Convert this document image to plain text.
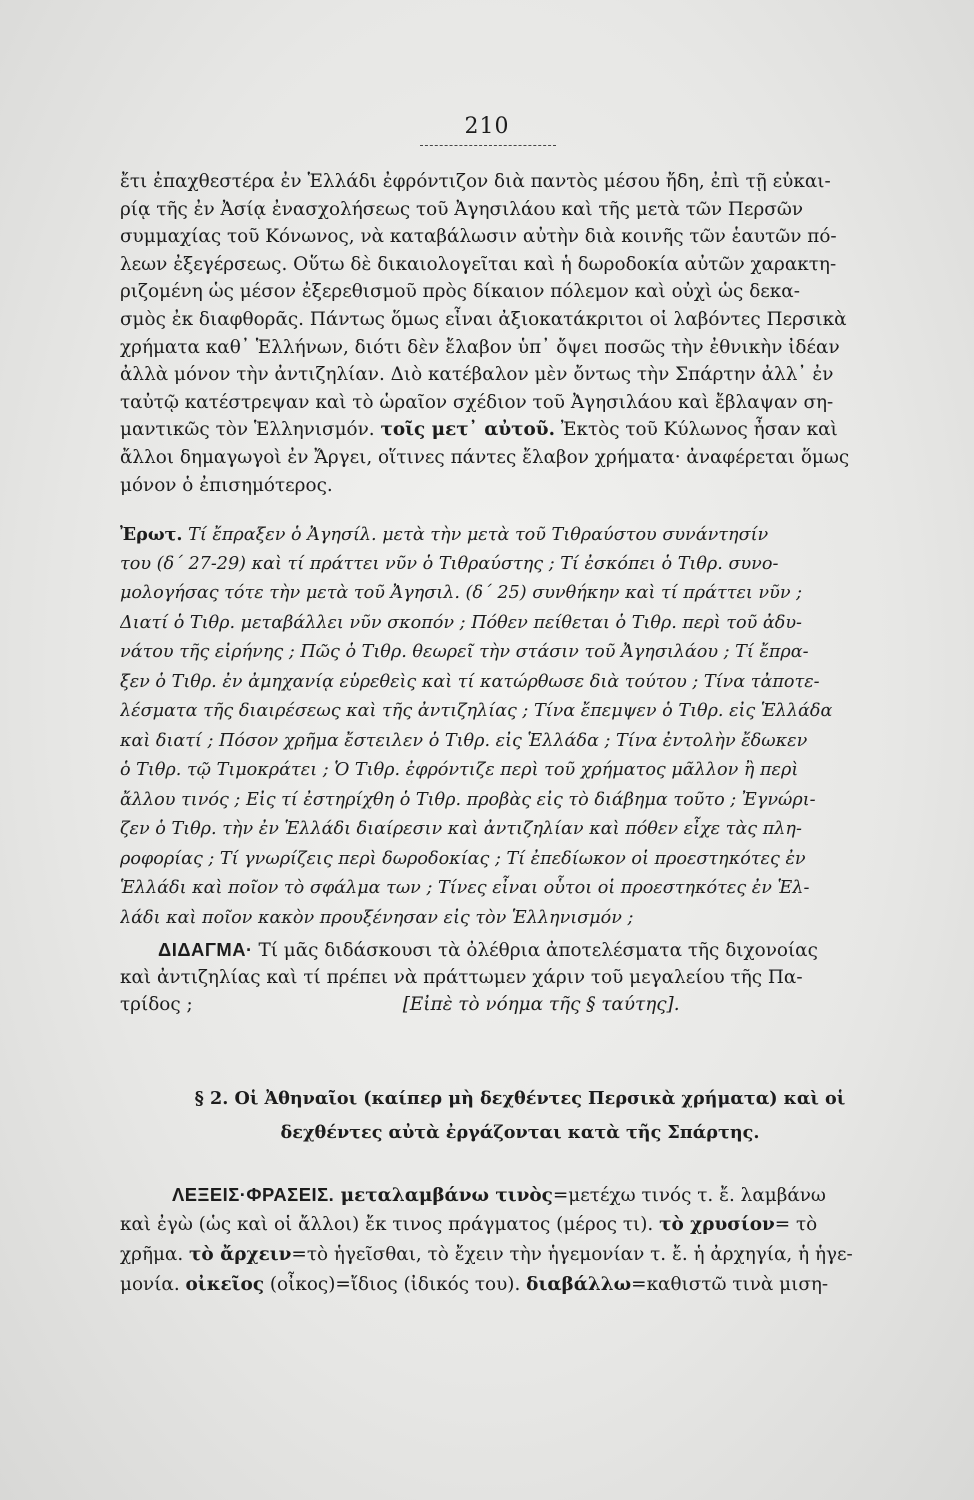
210
ἔτι ἐπαχθεστέρα ἐν Ἑλλάδι ἐφρόντιζον διὰ παντὸς μέσου ἤδη, ἐπὶ τῇ εὐκαι-
ρίᾳ τῆς ἐν Ἀσίᾳ ἐνασχολήσεως τοῦ Ἀγησιλάου καὶ τῆς μετὰ τῶν Περσῶν
συμμαχίας τοῦ Κόνωνος, νὰ καταβάλωσιν αὐτὴν διὰ κοινῆς τῶν ἑαυτῶν πό-
λεων ἐξεγέρσεως. Οὕτω δὲ δικαιολογεῖται καὶ ἡ δωροδοκία αὐτῶν χαρακτη-
ριζομένη ὡς μέσον ἐξερεθισμοῦ πρὸς δίκαιον πόλεμον καὶ οὐχὶ ὡς δεκα-
σμὸς ἐκ διαφθορᾶς. Πάντως ὅμως εἶναι ἀξιοκατάκριτοι οἱ λαβόντες Περσικὰ
χρήματα καθ᾽ Ἑλλήνων, διότι δὲν ἔλαβον ὑπ᾽ ὄψει ποσῶς τὴν ἐθνικὴν ἰδέαν
ἀλλὰ μόνον τὴν ἀντιζηλίαν. Διὸ κατέβαλον μὲν ὄντως τὴν Σπάρτην ἀλλ᾽ ἐν
ταὐτῷ κατέστρεψαν καὶ τὸ ὡραῖον σχέδιον τοῦ Ἀγησιλάου καὶ ἔβλαψαν ση-
μαντικῶς τὸν Ἑλληνισμόν. τοῖς μετ᾽ αὐτοῦ. Ἐκτὸς τοῦ Κύλωνος ἦσαν καὶ
ἄλλοι δημαγωγοὶ ἐν Ἄργει, οἵτινες πάντες ἔλαβον χρήματα· ἀναφέρεται ὅμως
μόνον ὁ ἐπισημότερος.
Ἐρωτ. Τί ἔπραξεν ὁ Ἀγησίλ. μετὰ τὴν μετὰ τοῦ Τιθραύστου συνάντησίν
του (δ΄ 27-29) καὶ τί πράττει νῦν ὁ Τιθραύστης ; Τί ἐσκόπει ὁ Τιθρ. συνο-
μολογήσας τότε τὴν μετὰ τοῦ Ἀγησιλ. (δ΄ 25) συνθήκην καὶ τί πράττει νῦν ;
Διατί ὁ Τιθρ. μεταβάλλει νῦν σκοπόν ; Πόθεν πείθεται ὁ Τιθρ. περὶ τοῦ ἀδυ-
νάτου τῆς εἰρήνης ; Πῶς ὁ Τιθρ. θεωρεῖ τὴν στάσιν τοῦ Ἀγησιλάου ; Τί ἔπρα-
ξεν ὁ Τιθρ. ἐν ἀμηχανίᾳ εὑρεθεὶς καὶ τί κατώρθωσε διὰ τούτου ; Τίνα τἀποτε-
λέσματα τῆς διαιρέσεως καὶ τῆς ἀντιζηλίας ; Τίνα ἔπεμψεν ὁ Τιθρ. εἰς Ἑλλάδα
καὶ διατί ; Πόσον χρῆμα ἔστειλεν ὁ Τιθρ. εἰς Ἑλλάδα ; Τίνα ἐντολὴν ἔδωκεν
ὁ Τιθρ. τῷ Τιμοκράτει ; Ὁ Τιθρ. ἐφρόντιζε περὶ τοῦ χρήματος μᾶλλον ἢ περὶ
ἄλλου τινός ; Εἰς τί ἐστηρίχθη ὁ Τιθρ. προβὰς εἰς τὸ διάβημα τοῦτο ; Ἐγνώρι-
ζεν ὁ Τιθρ. τὴν ἐν Ἑλλάδι διαίρεσιν καὶ ἀντιζηλίαν καὶ πόθεν εἶχε τὰς πλη-
ροφορίας ; Τί γνωρίζεις περὶ δωροδοκίας ; Τί ἐπεδίωκον οἱ προεστηκότες ἐν
Ἑλλάδι καὶ ποῖον τὸ σφάλμα των ; Τίνες εἶναι οὗτοι οἱ προεστηκότες ἐν Ἑλ-
λάδι καὶ ποῖον κακὸν προυξένησαν εἰς τὸν Ἑλληνισμόν ;
ΔΙΔΑΓΜΑ· Τί μᾶς διδάσκουσι τὰ ὀλέθρια ἀποτελέσματα τῆς διχονοίας
καὶ ἀντιζηλίας καὶ τί πρέπει νὰ πράττωμεν χάριν τοῦ μεγαλείου τῆς Πα-
τρίδος ;	[Εἰπὲ τὸ νόημα τῆς § ταύτης].
§ 2. Οἱ Ἀθηναῖοι (καίπερ μὴ δεχθέντες Περσικὰ χρήματα) καὶ οἱ
δεχθέντες αὐτὰ ἐργάζονται κατὰ τῆς Σπάρτης.
ΛΕΞΕΙΣ·ΦΡΑΣΕΙΣ. μεταλαμβάνω τινὸς=μετέχω τινός τ. ἔ. λαμβάνω
καὶ ἐγὼ (ὡς καὶ οἱ ἄλλοι) ἔκ τινος πράγματος (μέρος τι). τὸ χρυσίον= τὸ
χρῆμα. τὸ ἄρχειν=τὸ ἡγεῖσθαι, τὸ ἔχειν τὴν ἡγεμονίαν τ. ἔ. ἡ ἀρχηγία, ἡ ἡγε-
μονία. οἰκεῖος (οἶκος)=ἴδιος (ἰδικός του). διαβάλλω=καθιστῶ τινὰ μιση-
